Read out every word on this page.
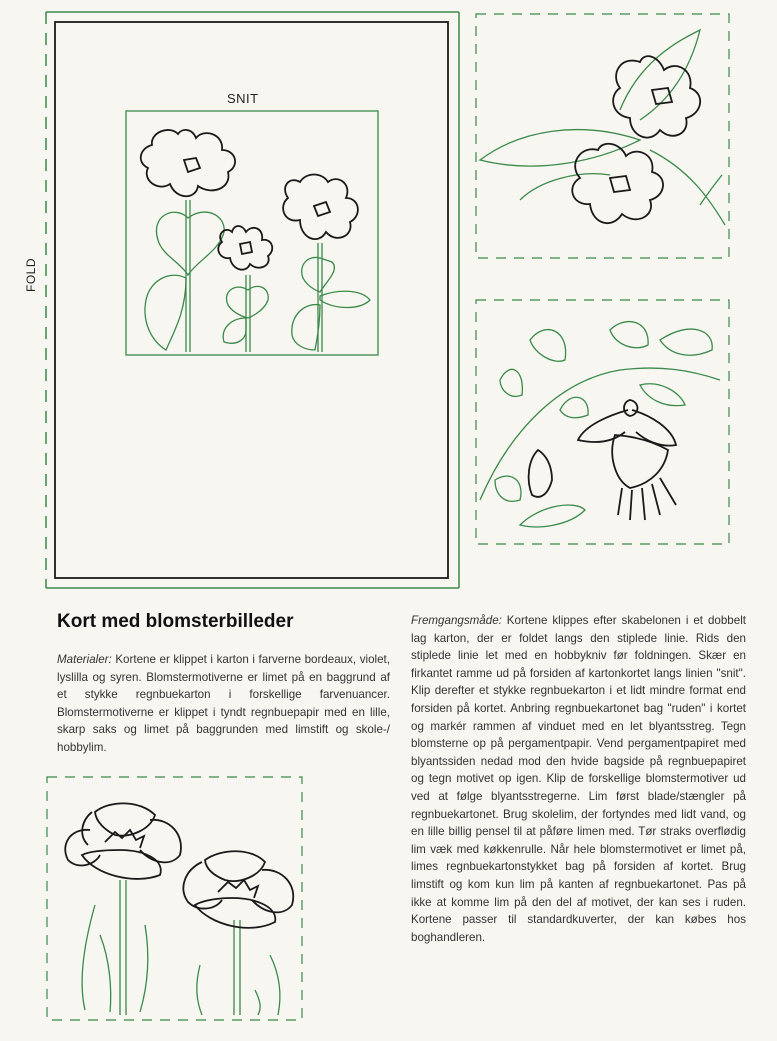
SNIT
FOLD
Kort med blomsterbilleder
Materialer: Kortene er klippet i karton i farverne bordeaux, violet, lyslilla og syren. Blomstermotiverne er limet på en baggrund af et stykke regnbuekarton i forskellige farvenuancer. Blomstermotiverne er klippet i tyndt regnbuepapir med en lille, skarp saks og limet på baggrunden med limstift og skole-/ hobbylim.
Fremgangsmåde: Kortene klippes efter skabelonen i et dobbelt lag karton, der er foldet langs den stiplede linie. Rids den stiplede linie let med en hobbykniv før foldningen. Skær en firkantet ramme ud på forsiden af kartonkortet langs linien "snit". Klip derefter et stykke regnbuekarton i et lidt mindre format end forsiden på kortet. Anbring regnbuekartonet bag "ruden" i kortet og markér rammen af vinduet med en let blyantsstreg. Tegn blomsterne op på pergamentpapir. Vend pergamentpapiret med blyantssiden nedad mod den hvide bagside på regnbuepapiret og tegn motivet op igen. Klip de forskellige blomstermotiver ud ved at følge blyantsstregerne. Lim først blade/stængler på regnbuekartonet. Brug skolelim, der fortyndes med lidt vand, og en lille billig pensel til at påføre limen med. Tør straks overflødig lim væk med køkkenrulle. Når hele blomstermotivet er limet på, limes regnbuekartonstykket bag på forsiden af kortet. Brug limstift og kom kun lim på kanten af regnbuekartonet. Pas på ikke at komme lim på den del af motivet, der kan ses i ruden. Kortene passer til standardkuverter, der kan købes hos boghandleren.
